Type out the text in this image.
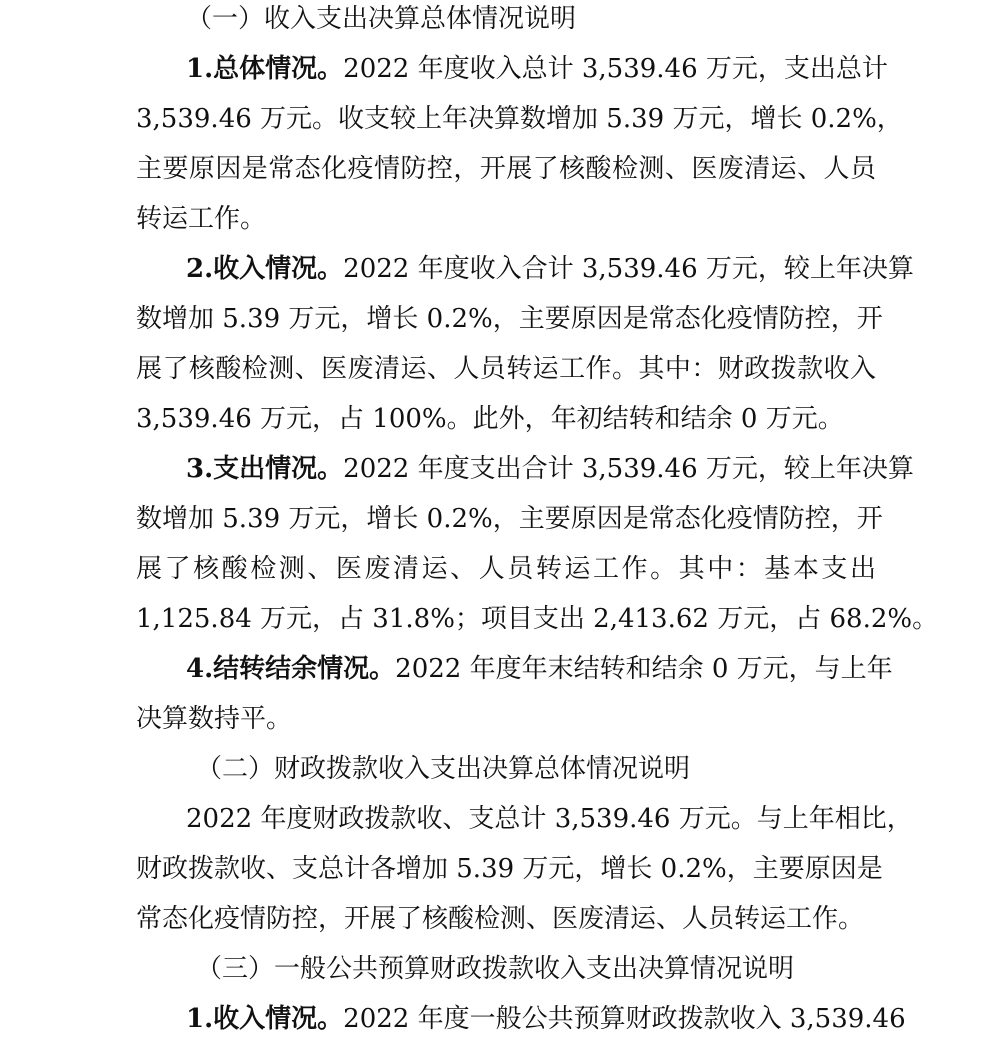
（一）收入支出决算总体情况说明
1.总体情况。2022 年度收入总计 3,539.46 万元，支出总计
3,539.46 万元。收支较上年决算数增加 5.39 万元，增长 0.2%，
主要原因是常态化疫情防控，开展了核酸检测、医废清运、人员
转运工作。
2.收入情况。2022 年度收入合计 3,539.46 万元，较上年决算
数增加 5.39 万元，增长 0.2%，主要原因是常态化疫情防控，开
展了核酸检测、医废清运、人员转运工作。其中：财政拨款收入
3,539.46 万元，占 100%。此外，年初结转和结余 0 万元。
3.支出情况。2022 年度支出合计 3,539.46 万元，较上年决算
数增加 5.39 万元，增长 0.2%，主要原因是常态化疫情防控，开
展了核酸检测、医废清运、人员转运工作。其中：基本支出
1,125.84 万元，占 31.8%；项目支出 2,413.62 万元，占 68.2%。
4.结转结余情况。2022 年度年末结转和结余 0 万元，与上年
决算数持平。
（二）财政拨款收入支出决算总体情况说明
2022 年度财政拨款收、支总计 3,539.46 万元。与上年相比，
财政拨款收、支总计各增加 5.39 万元，增长 0.2%，主要原因是
常态化疫情防控，开展了核酸检测、医废清运、人员转运工作。
（三）一般公共预算财政拨款收入支出决算情况说明
1.收入情况。2022 年度一般公共预算财政拨款收入 3,539.46
